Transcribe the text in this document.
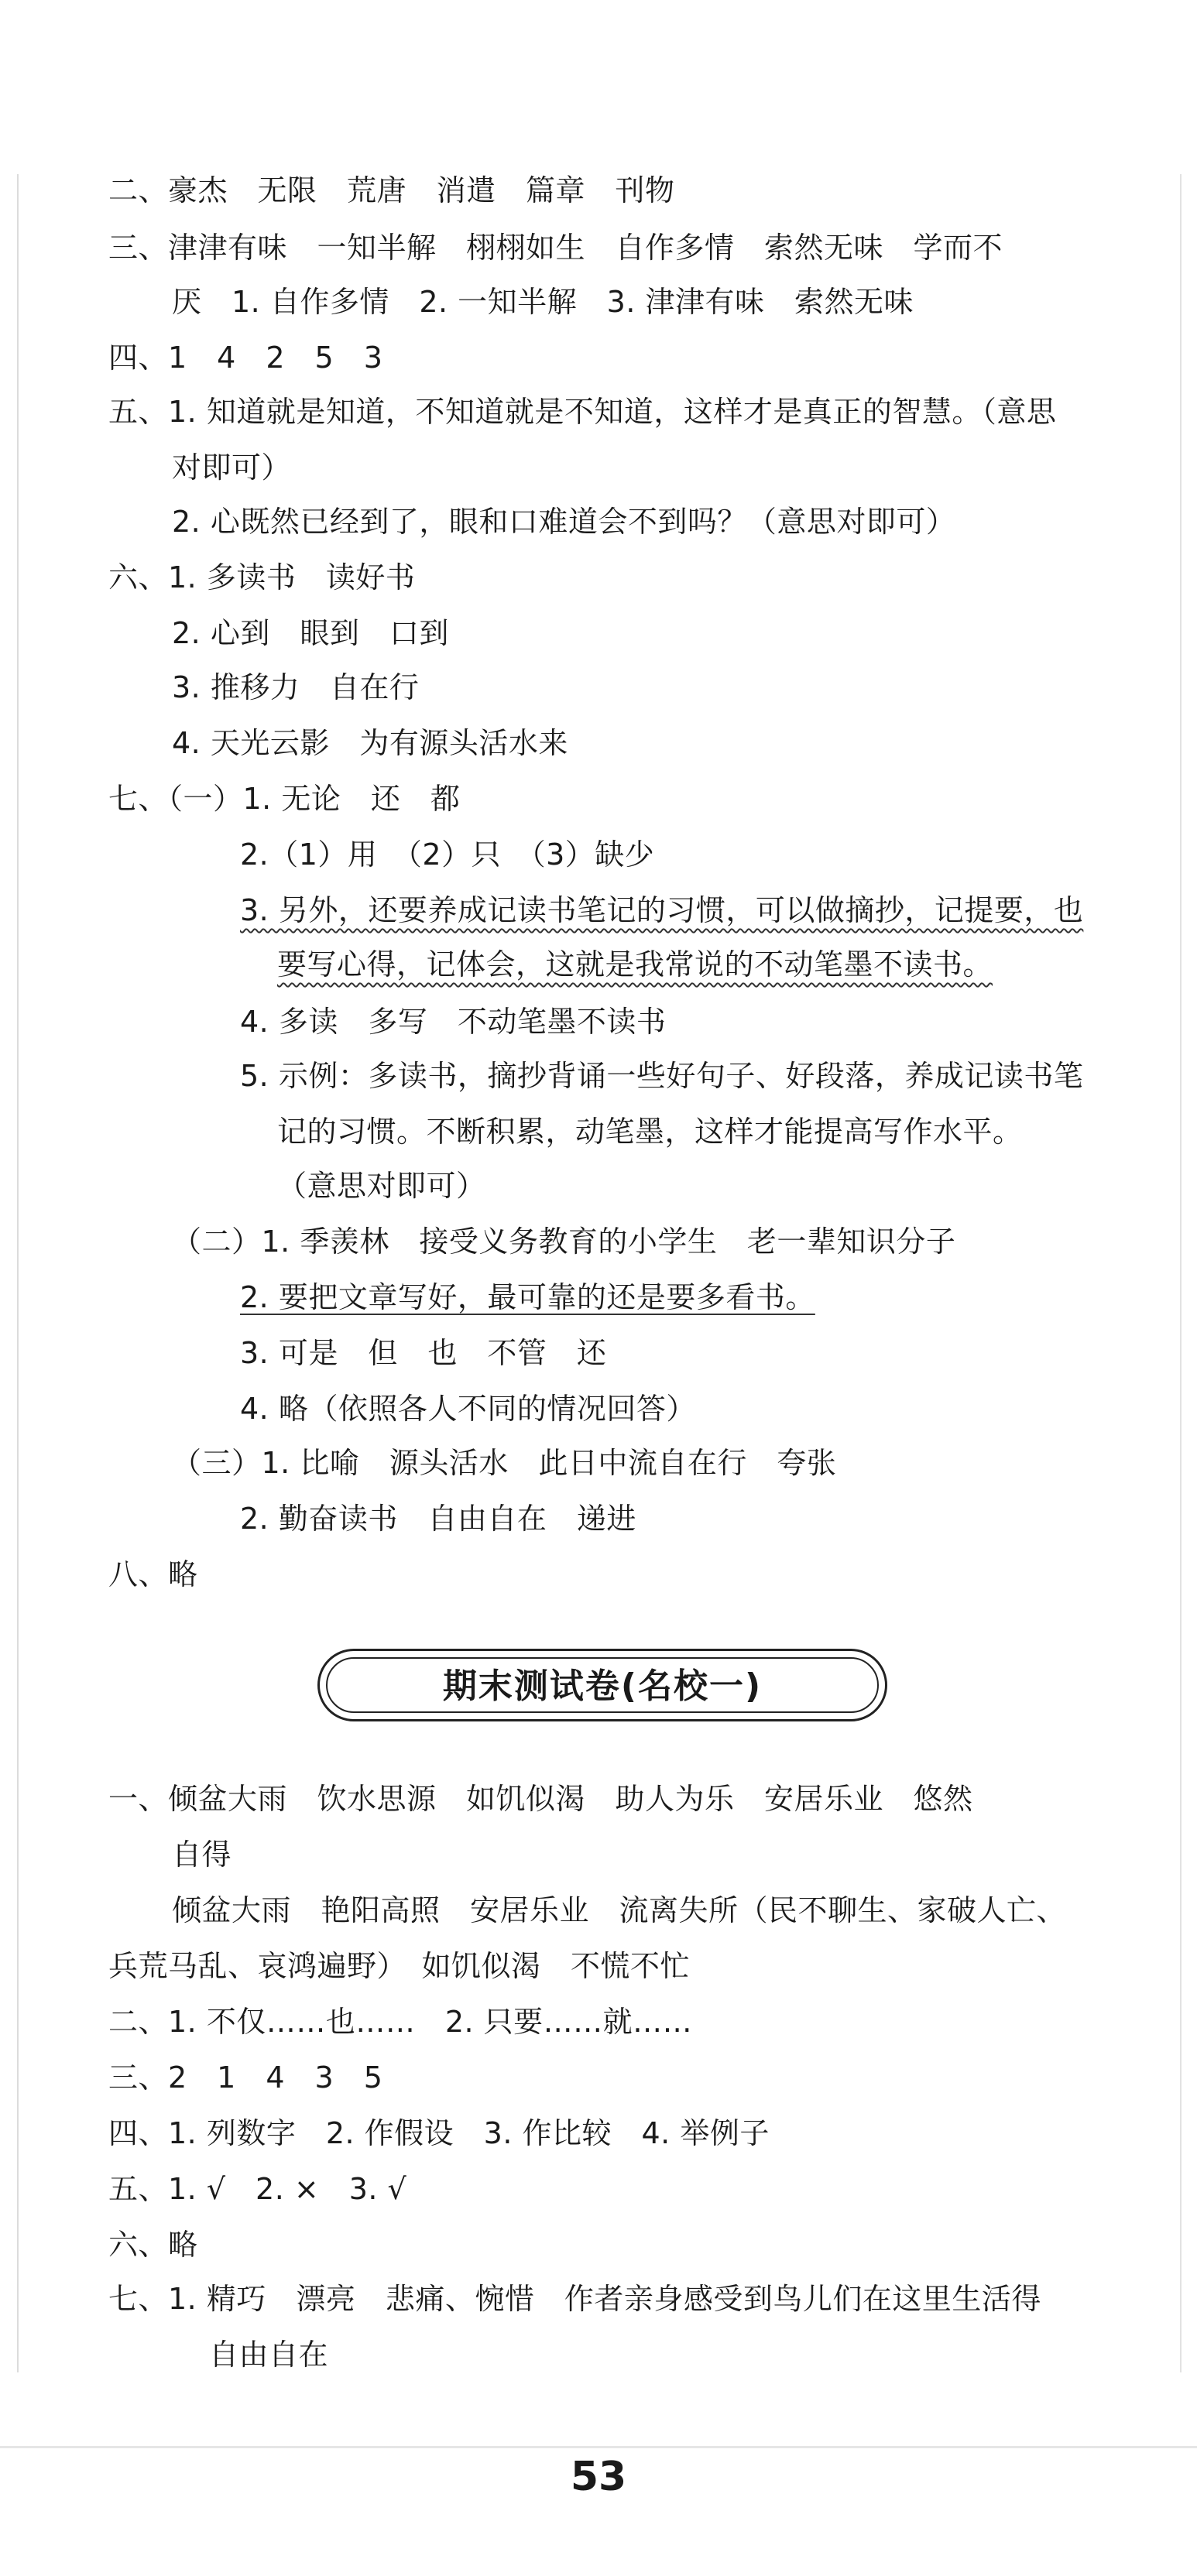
二、豪杰　无限　荒唐　消遣　篇章　刊物
三、津津有味　一知半解　栩栩如生　自作多情　索然无味　学而不
厌　1. 自作多情　2. 一知半解　3. 津津有味　索然无味
四、1　4　2　5　3
五、1. 知道就是知道，不知道就是不知道，这样才是真正的智慧。（意思
对即可）
2. 心既然已经到了，眼和口难道会不到吗？（意思对即可）
六、1. 多读书　读好书
2. 心到　眼到　口到
3. 推移力　自在行
4. 天光云影　为有源头活水来
七、（一）1. 无论　还　都
2.（1）用　（2）只　（3）缺少
3. 另外，还要养成记读书笔记的习惯，可以做摘抄，记提要，也
要写心得，记体会，这就是我常说的不动笔墨不读书。
4. 多读　多写　不动笔墨不读书
5. 示例：多读书，摘抄背诵一些好句子、好段落，养成记读书笔
记的习惯。不断积累，动笔墨，这样才能提高写作水平。
（意思对即可）
（二）1. 季羡林　接受义务教育的小学生　老一辈知识分子
2. 要把文章写好，最可靠的还是要多看书。
3. 可是　但　也　不管　还
4. 略（依照各人不同的情况回答）
（三）1. 比喻　源头活水　此日中流自在行　夸张
2. 勤奋读书　自由自在　递进
八、略
期末测试卷(名校一)
一、倾盆大雨　饮水思源　如饥似渴　助人为乐　安居乐业　悠然
自得
倾盆大雨　艳阳高照　安居乐业　流离失所（民不聊生、家破人亡、
兵荒马乱、哀鸿遍野）　如饥似渴　不慌不忙
二、1. 不仅……也……　2. 只要……就……
三、2　1　4　3　5
四、1. 列数字　2. 作假设　3. 作比较　4. 举例子
五、1. √　2. ×　3. √
六、略
七、1. 精巧　漂亮　悲痛、惋惜　作者亲身感受到鸟儿们在这里生活得
自由自在
53
